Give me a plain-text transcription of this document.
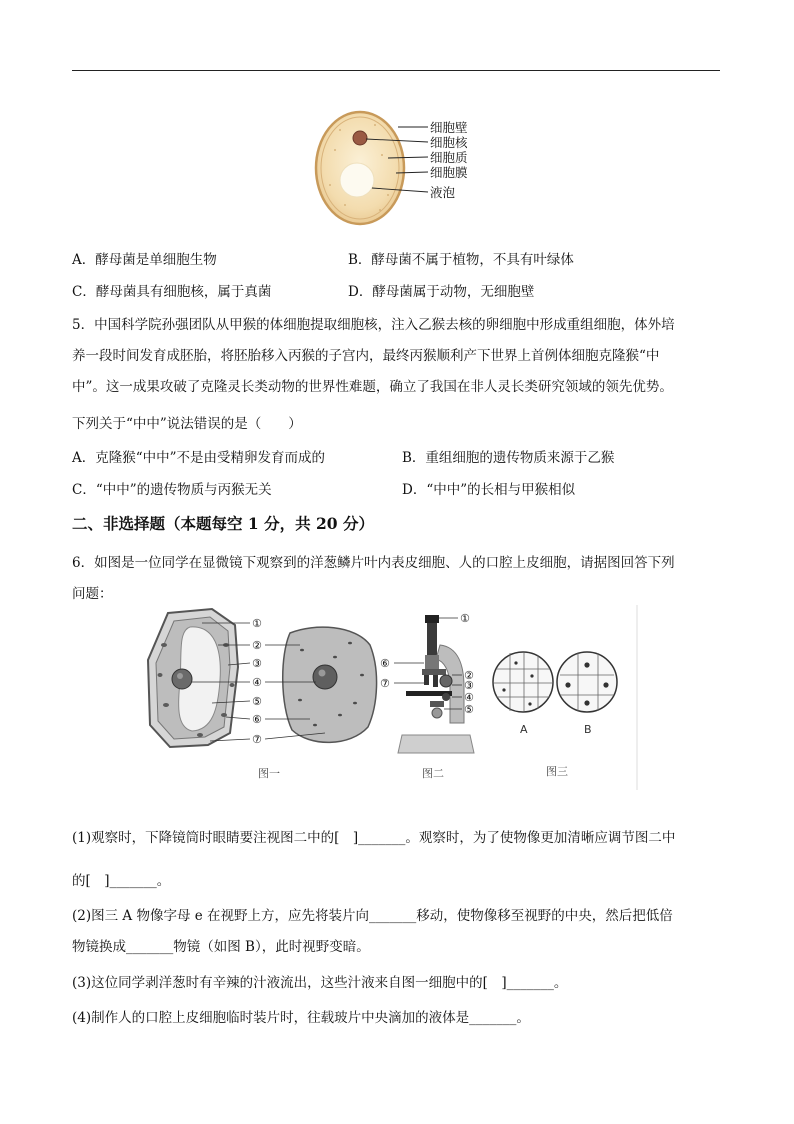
细胞壁
细胞核
细胞质
细胞膜
液泡
A．酵母菌是单细胞生物	B．酵母菌不属于植物，不具有叶绿体
C．酵母菌具有细胞核，属于真菌	D．酵母菌属于动物，无细胞壁
5．中国科学院孙强团队从甲猴的体细胞提取细胞核，注入乙猴去核的卵细胞中形成重组细胞，体外培
养一段时间发育成胚胎，将胚胎移入丙猴的子宫内，最终丙猴顺利产下世界上首例体细胞克隆猴“中
中”。这一成果攻破了克隆灵长类动物的世界性难题，确立了我国在非人灵长类研究领域的领先优势。
下列关于“中中”说法错误的是（　　）
A．克隆猴“中中”不是由受精卵发育而成的	B．重组细胞的遗传物质来源于乙猴
C．“中中”的遗传物质与丙猴无关	D．“中中”的长相与甲猴相似
二、非选择题（本题每空 1 分，共 20 分）
6．如图是一位同学在显微镜下观察到的洋葱鳞片叶内表皮细胞、人的口腔上皮细胞，请据图回答下列
问题：
①
②
③
④
⑤
⑥
⑦
图一
①
②
③
④
⑤
⑥
⑦
图二
A	B
图三
(1)观察时，下降镜筒时眼睛要注视图二中的[　]_______。观察时，为了使物像更加清晰应调节图二中
的[　]_______。
(2)图三 A 物像字母 e 在视野上方，应先将装片向_______移动，使物像移至视野的中央，然后把低倍
物镜换成_______物镜（如图 B），此时视野变暗。
(3)这位同学剥洋葱时有辛辣的汁液流出，这些汁液来自图一细胞中的[　]_______。
(4)制作人的口腔上皮细胞临时装片时，往载玻片中央滴加的液体是_______。
